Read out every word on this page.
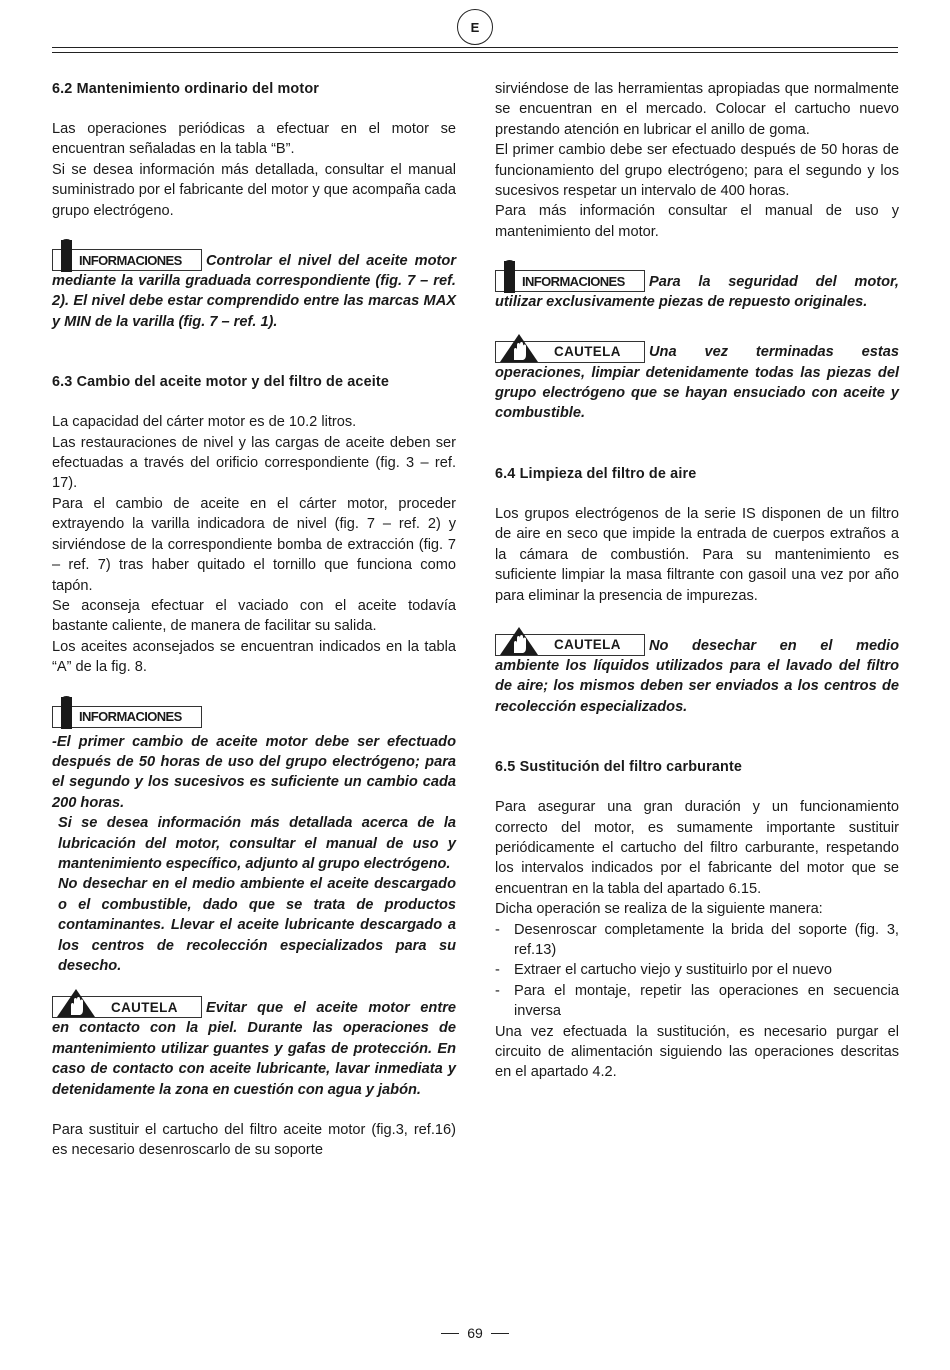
E
6.2 Mantenimiento ordinario del motor

Las operaciones periódicas a efectuar en el motor se encuentran señaladas en la tabla “B”.

Si se desea información más detallada, consultar el manual suministrado por el fabricante del motor y que acompaña cada grupo electrógeno.

INFORMACIONES Controlar el nivel del aceite motor

mediante la varilla graduada correspondiente (fig. 7 – ref. 2). El nivel debe estar comprendido entre las marcas MAX y MIN de la varilla (fig. 7 – ref. 1).

6.3 Cambio del aceite motor y del filtro de aceite

La capacidad del cárter motor es de 10.2 litros.

Las restauraciones de nivel y las cargas de aceite deben ser efectuadas a través del orificio correspondiente (fig. 3 – ref. 17).

Para el cambio de aceite en el cárter motor, proceder extrayendo la varilla indicadora de nivel (fig. 7 – ref. 2) y sirviéndose de la correspondiente bomba de extracción (fig. 7 – ref. 7) tras haber quitado el tornillo que funciona como tapón.

Se aconseja efectuar el vaciado con el aceite todavía bastante caliente, de manera de facilitar su salida.

Los aceites aconsejados se encuentran indicados en la tabla “A” de la fig. 8.

INFORMACIONES

-El primer cambio de aceite motor debe ser efectuado después de 50 horas de uso del grupo electrógeno; para el segundo y los sucesivos es suficiente un cambio cada 200 horas.

Si se desea información más detallada acerca de la lubricación del motor, consultar el manual de uso y mantenimiento específico, adjunto al grupo electrógeno.

No desechar en el medio ambiente el aceite descargado o el combustible, dado que se trata de productos contaminantes. Llevar el aceite lubricante descargado a los centros de recolección especializados para su desecho.

CAUTELA Evitar que el aceite motor entre

en contacto con la piel. Durante las operaciones de mantenimiento utilizar guantes y gafas de protección. En caso de contacto con aceite lubricante, lavar inmediata y detenidamente la zona en cuestión con agua y jabón.

Para sustituir el cartucho del filtro aceite motor (fig.3, ref.16) es necesario desenroscarlo de su soporte

sirviéndose de las herramientas apropiadas que normalmente se encuentran en el mercado. Colocar el cartucho nuevo prestando atención en lubricar el anillo de goma.

El primer cambio debe ser efectuado después de 50 horas de funcionamiento del grupo electrógeno; para el segundo y los sucesivos respetar un intervalo de 400 horas.

Para más información consultar el manual de uso y mantenimiento del motor.

INFORMACIONES Para la seguridad del motor,

utilizar exclusivamente piezas de repuesto originales.

CAUTELA Una vez terminadas estas

operaciones, limpiar detenidamente todas las piezas del grupo electrógeno que se hayan ensuciado con aceite y combustible.

6.4 Limpieza del filtro de aire

Los grupos electrógenos de la serie IS disponen de un filtro de aire en seco que impide la entrada de cuerpos extraños a la cámara de combustión. Para su mantenimiento es suficiente limpiar la masa filtrante con gasoil una vez por año para eliminar la presencia de impurezas.

CAUTELA No desechar en el medio

ambiente los líquidos utilizados para el lavado del filtro de aire; los mismos deben ser enviados a los centros de recolección especializados.

6.5 Sustitución del filtro carburante

Para asegurar una gran duración y un funcionamiento correcto del motor, es sumamente importante sustituir periódicamente el cartucho del filtro carburante, respetando los intervalos indicados por el fabricante del motor que se encuentran en la tabla del apartado 6.15.

Dicha operación se realiza de la siguiente manera:

- Desenroscar completamente la brida del soporte (fig. 3, ref.13)
- Extraer el cartucho viejo y sustituirlo por el nuevo
- Para el montaje, repetir las operaciones en secuencia inversa

Una vez efectuada la sustitución, es necesario purgar el circuito de alimentación siguiendo las operaciones descritas en el apartado 4.2.

69
